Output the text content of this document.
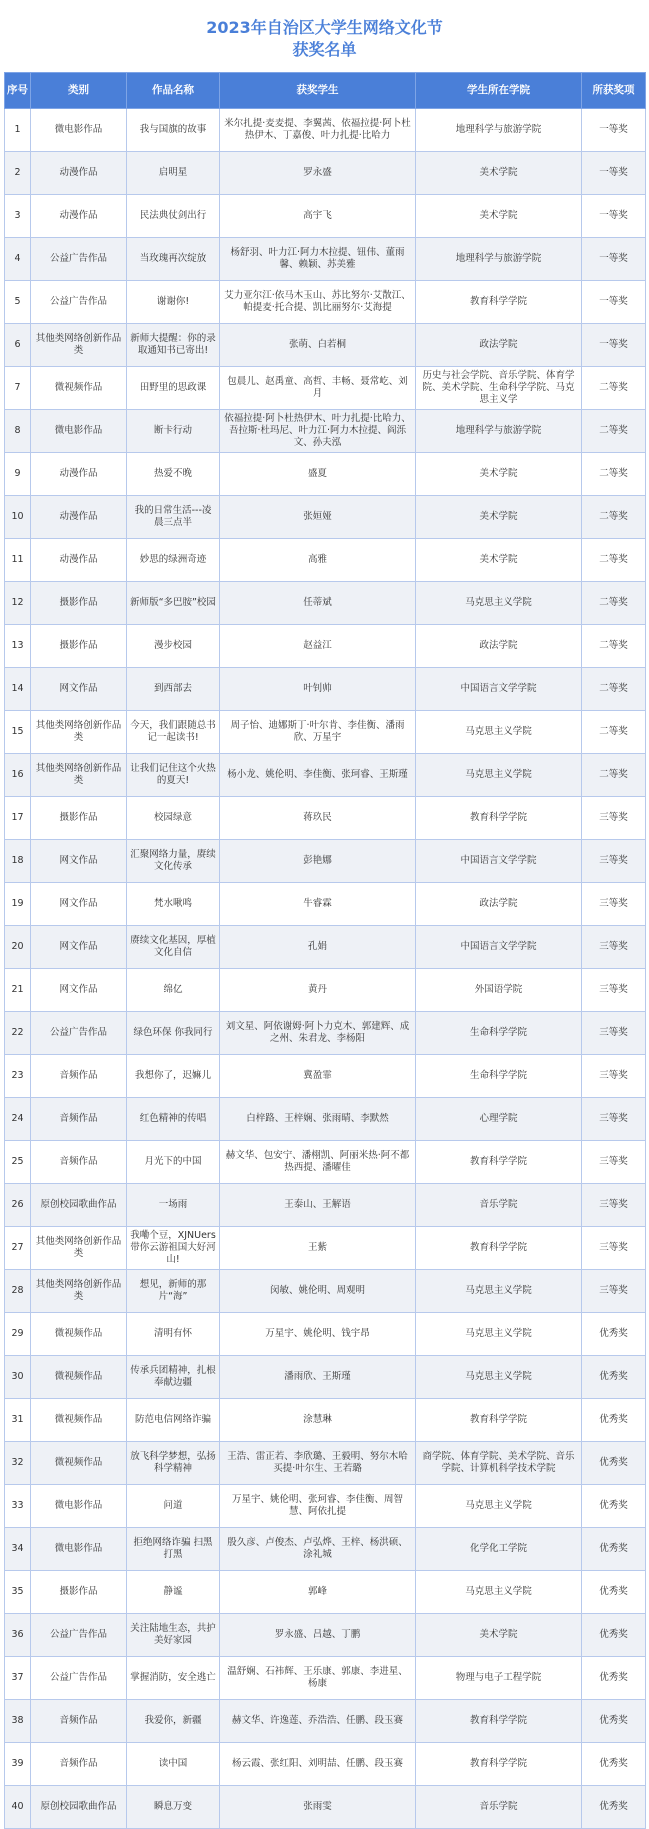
2023年自治区大学生网络文化节
获奖名单
序号	类别	作品名称	获奖学生	学生所在学院	所获奖项
1	微电影作品	我与国旗的故事	米尔扎提·麦麦提、李翼茜、依福拉提·阿卜杜热伊木、丁嘉俊、叶力扎提·比哈力	地理科学与旅游学院	一等奖
2	动漫作品	启明星	罗永盛	美术学院	一等奖
3	动漫作品	民法典仗剑出行	高宇飞	美术学院	一等奖
4	公益广告作品	当玫瑰再次绽放	杨舒羽、叶力江·阿力木拉提、钮伟、董雨馨、赖颖、苏美雅	地理科学与旅游学院	一等奖
5	公益广告作品	谢谢你!	艾力亚尔江·依马木玉山、苏比努尔·艾散江、帕提麦·托合提、凯比丽努尔·艾海提	教育科学学院	一等奖
6	其他类网络创新作品类	新师大提醒：你的录取通知书已寄出!	张萌、白若桐	政法学院	一等奖
7	微视频作品	田野里的思政课	包晨儿、赵禹童、高哲、丰畅、聂常屹、刘月	历史与社会学院、音乐学院、体育学院、美术学院、生命科学学院、马克思主义学	二等奖
8	微电影作品	断卡行动	依福拉提·阿卜杜热伊木、叶力扎提·比哈力、吾拉斯·杜玛尼、叶力江·阿力木拉提、阎泺文、孙夫泓	地理科学与旅游学院	二等奖
9	动漫作品	热爱不晚	盛夏	美术学院	二等奖
10	动漫作品	我的日常生活---凌晨三点半	张姮娅	美术学院	二等奖
11	动漫作品	妙思的绿洲奇迹	高雅	美术学院	二等奖
12	摄影作品	新师版“多巴胺”校园	任蒂斌	马克思主义学院	二等奖
13	摄影作品	漫步校园	赵益江	政法学院	二等奖
14	网文作品	到西部去	叶钊帅	中国语言文学学院	二等奖
15	其他类网络创新作品类	今天，我们跟随总书记一起读书!	周子怡、迪娜斯丁·叶尔肯、李佳衡、潘雨欣、万星宇	马克思主义学院	二等奖
16	其他类网络创新作品类	让我们记住这个火热的夏天!	杨小龙、姚伦明、李佳衡、张珂睿、王斯瑾	马克思主义学院	二等奖
17	摄影作品	校园绿意	蒋玖民	教育科学学院	三等奖
18	网文作品	汇聚网络力量，赓续文化传承	彭艳娜	中国语言文学学院	三等奖
19	网文作品	梵水啾鸣	牛睿霖	政法学院	三等奖
20	网文作品	赓续文化基因，厚植文化自信	孔娟	中国语言文学学院	三等奖
21	网文作品	绵亿	黄丹	外国语学院	三等奖
22	公益广告作品	绿色环保 你我同行	刘文星、阿依谢姆·阿卜力克木、郭建辉、成之州、朱君龙、李杨阳	生命科学学院	三等奖
23	音频作品	我想你了，迟嫲儿	冀盈霏	生命科学学院	三等奖
24	音频作品	红色精神的传唱	白梓路、王梓娴、张雨晴、李默然	心理学院	三等奖
25	音频作品	月光下的中国	赫文华、包安宁、潘栩凯、阿丽米热·阿不都热西提、潘曜佳	教育科学学院	三等奖
26	原创校园歌曲作品	一场雨	王泰山、王解语	音乐学院	三等奖
27	其他类网络创新作品类	我嘞个豆，XJNUers带你云游祖国大好河山!	王紫	教育科学学院	三等奖
28	其他类网络创新作品类	想见，新师的那片“海”	闵敏、姚伦明、周观明	马克思主义学院	三等奖
29	微视频作品	清明有怀	万星宇、姚伦明、钱宇昂	马克思主义学院	优秀奖
30	微视频作品	传承兵团精神，扎根奉献边疆	潘雨欣、王斯瑾	马克思主义学院	优秀奖
31	微视频作品	防范电信网络诈骗	涂慧琳	教育科学学院	优秀奖
32	微视频作品	放飞科学梦想，弘扬科学精神	王浩、雷正若、李欣璐、王毅明、努尔木哈买提·叶尔生、王若璐	商学院、体育学院、美术学院、音乐学院、计算机科学技术学院	优秀奖
33	微电影作品	问道	万星宇、姚伦明、张珂睿、李佳衡、周智慧、阿依扎提	马克思主义学院	优秀奖
34	微电影作品	拒绝网络诈骗 扫黑打黑	殷久彦、卢俊杰、卢弘烨、王梓、杨洪硕、涂礼城	化学化工学院	优秀奖
35	摄影作品	静谧	郭峰	马克思主义学院	优秀奖
36	公益广告作品	关注陆地生态，共护美好家园	罗永盛、吕越、丁鹏	美术学院	优秀奖
37	公益广告作品	掌握消防，安全逃亡	温舒娴、石祎辉、王乐康、郭康、李进星、杨康	物理与电子工程学院	优秀奖
38	音频作品	我爱你，新疆	赫文华、许逸莲、乔浩浩、任鹏、段玉赛	教育科学学院	优秀奖
39	音频作品	读中国	杨云霞、张红阳、刘明喆、任鹏、段玉赛	教育科学学院	优秀奖
40	原创校园歌曲作品	瞬息万变	张雨雯	音乐学院	优秀奖
